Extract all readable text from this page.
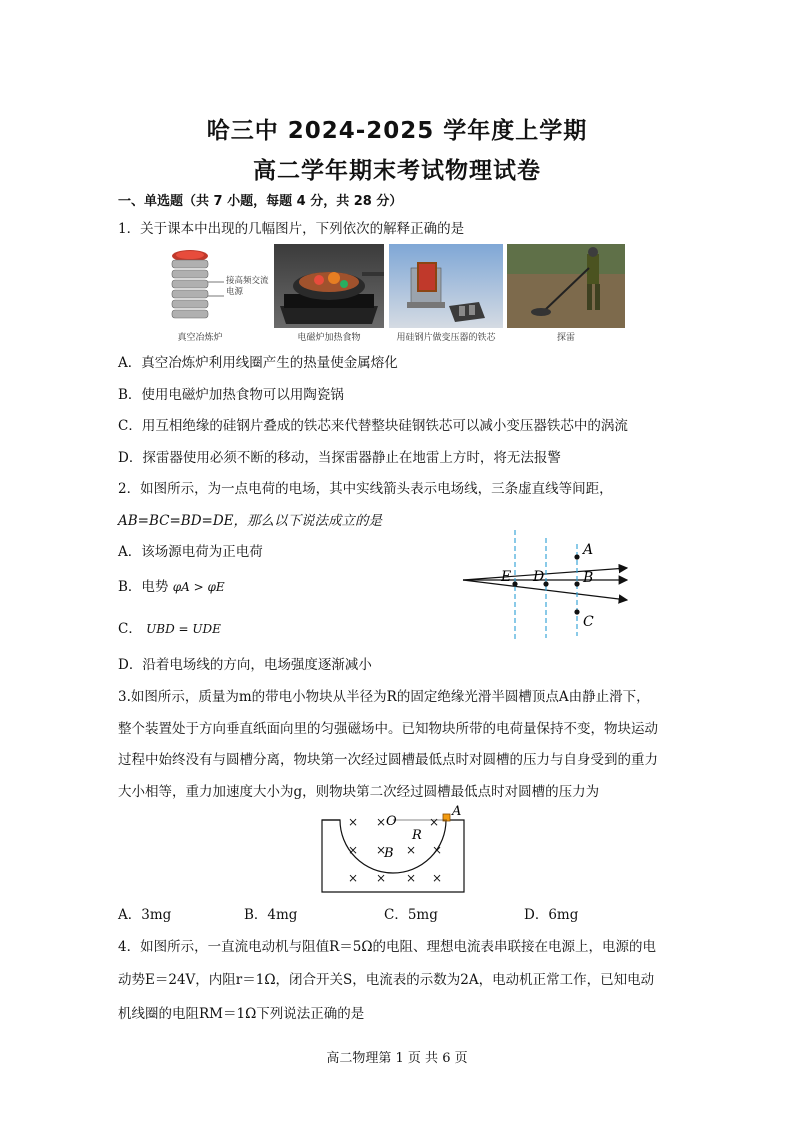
哈三中 2024-2025 学年度上学期
高二学年期末考试物理试卷
一、单选题（共 7 小题，每题 4 分，共 28 分）
1．关于课本中出现的几幅图片，下列依次的解释正确的是
接高频交流电源
真空冶炼炉	电磁炉加热食物	用硅钢片做变压器的铁芯	探雷
A．真空冶炼炉利用线圈产生的热量使金属熔化
B．使用电磁炉加热食物可以用陶瓷锅
C．用互相绝缘的硅钢片叠成的铁芯来代替整块硅钢铁芯可以减小变压器铁芯中的涡流
D．探雷器使用必须不断的移动，当探雷器静止在地雷上方时，将无法报警
2．如图所示，为一点电荷的电场，其中实线箭头表示电场线，三条虚直线等间距，
AB=BC=BD=DE，那么以下说法成立的是
A．该场源电荷为正电荷
B．电势 φA > φE
C． UBD = UDE
D．沿着电场线的方向，电场强度逐渐减小
A
E D	B
C
3.如图所示，质量为m的带电小物块从半径为R的固定绝缘光滑半圆槽顶点A由静止滑下，
整个装置处于方向垂直纸面向里的匀强磁场中。已知物块所带的电荷量保持不变，物块运动
过程中始终没有与圆槽分离，物块第一次经过圆槽最低点时对圆槽的压力与自身受到的重力
大小相等，重力加速度大小为g，则物块第二次经过圆槽最低点时对圆槽的压力为
× ×	×
× × × ×
× × × ×
O
R
B
A
A．3mg	B．4mg	C．5mg	D．6mg
4．如图所示，一直流电动机与阻值R＝5Ω的电阻、理想电流表串联接在电源上，电源的电
动势E＝24V，内阻r＝1Ω，闭合开关S，电流表的示数为2A，电动机正常工作，已知电动
机线圈的电阻RM＝1Ω下列说法正确的是
高二物理第 1 页 共 6 页
